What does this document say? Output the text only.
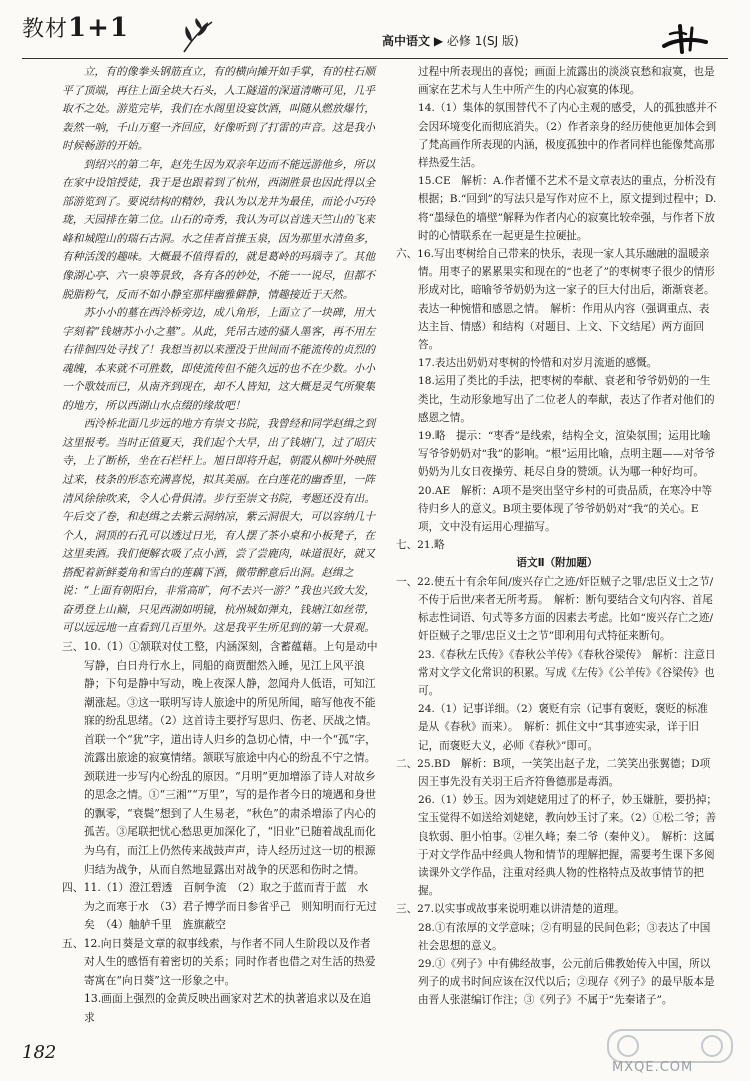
教材1+1	高中语文 ▶ 必修 1(SJ 版)

立，有的像拳头钢筋直立，有的横向摊开如手掌，有的柱石顺平了顶端，再往上面全块大石头，人工隧道的深道清晰可见，几乎取不之处。游览完毕，我们在水阁里设宴饮酒，叫随从燃放爆竹，轰然一响，千山万壑一齐回应，好像听到了打雷的声音。这是我小时候畅游的开始。

到绍兴的第二年，赵先生因为双亲年迈而不能远游他乡，所以在家中设馆授徒，我于是也跟着到了杭州，西湖胜景也因此得以全部游览到了。要说结构的精妙，我认为以龙井为最佳，而论小巧玲珑，天园排在第二位。山石的奇秀，我认为可以首选天竺山的飞来峰和城隍山的瑞石古洞。水之佳者首推玉泉，因为那里水清鱼多，有种活泼的趣味。大概最不值得看的，就是葛岭的玛瑙寺了。其他像湖心亭、六一泉等景致，各有各的妙处，不能一一说尽，但都不脱脂粉气，反而不如小静室那样幽雅僻静，情趣接近于天然。

苏小小的墓在西泠桥旁边，成八角形，上面立了一块碑，用大字刻着“钱塘苏小小之墓”。从此，凭吊古迹的骚人墨客，再不用左右徘徊四处寻找了！我想当初以来湮没于世间而不能流传的贞烈的魂魄，本来就不可胜数，即使流传但不能久远的也不在少数。小小一个歌妓而已，从南齐到现在，却不人皆知，这大概是灵气所聚集的地方，所以西湖山水点缀的缘故吧！

西泠桥北面几步远的地方有崇文书院，我曾经和同学赵缉之到这里报考。当时正值夏天，我们起个大早，出了钱塘门，过了昭庆寺，上了断桥，坐在石栏杆上。旭日即将升起，朝霞从柳叶外映照过来，枝条的形态充满喜悦，拟其美丽。在白莲花的幽香里，一阵清风徐徐吹来，令人心骨俱清。步行至崇文书院，考题还没有出。午后交了卷，和赵缉之去紫云洞纳凉，紫云洞很大，可以容纳几十个人，洞顶的石孔可以透过日光，有人摆了茶小桌和小板凳子，在这里卖酒。我们便解衣吸了点小酒，尝了尝鹿肉，味道很好，就又搭配着新鲜菱角和雪白的莲藕下酒，微带醉意后出洞。赵缉之说：“上面有朝阳台，非常高旷，何不去兴一游？”我也兴致大发，奋勇登上山巅，只见西湖如明镜，杭州城如弹丸，钱塘江如丝带，可以远远地一直看到几百里外。这是我平生所见到的第一大景观。

三、10.（1）①颔联对仗工整，内涵深刻，含蓄蕴藉。上句是动中写静，白日舟行水上，同船的商贾酣然入睡，见江上风平浪静；下句是静中写动，晚上夜深人静，忽闻舟人低语，可知江潮涨起。③这一联明写诗人旅途中的所见所闻，暗写他夜不能寐的纷乱思绪。（2）这首诗主要抒写思归、伤老、厌战之情。首联一个“犹”字，道出诗人归乡的急切心情，中一个“孤”字，流露出旅途的寂寞情绪。颔联写旅途中内心的纷乱不宁之情。颈联进一步写内心纷乱的原因。“月明”更加增添了诗人对故乡的思念之情。①“三湘”“万里”，写的是作者今日的境遇和身世的飘零，“衰鬓”想到了人生易老，“秋色”的肃杀增添了内心的孤苦。③尾联把忧心愁思更加深化了，“旧业”已随着战乱而化为乌有，而江上仍然传来战鼓声声，诗人经历过这一切的根源归结为战争，从而自然地显露出对战争的厌恶和伤时之情。

四、11.（1）澄江碧透　百舸争流　（2）取之于蓝而青于蓝　水为之而寒于水　（3）君子博学而日参省乎己　则知明而行无过矣　（4）舳舻千里　旌旗蔽空

五、12.向日葵是文章的叙事线索，与作者不同人生阶段以及作者对人生的感悟有着密切的关系；同时作者也借之对生活的热爱寄寓在“向日葵”这一形象之中。

13.画面上强烈的金黄反映出画家对艺术的执著追求以及在追求

过程中所表现出的喜悦；画面上流露出的淡淡哀愁和寂寞，也是画家在艺术与人生中所产生的内心寂寞的体现。

14.（1）集体的氛围替代不了内心主观的感受，人的孤独感并不会因环境变化而彻底消失。（2）作者亲身的经历使他更加体会到了梵高画作所表现的内涵，极度孤独中的作者同样也能像梵高那样热爱生活。

15.CE　解析：A.作者懂不艺术不是文章表达的重点，分析没有根据；B.“回到”的写法只是写作对应不上，原文提到过程中；D.将“墨绿色的墙壁”解释为作者内心的寂寞比较牵强，与作者下放时的心情联系在一起更是生拉硬扯。

六、16.写出枣树给自己带来的快乐，表现一家人其乐融融的温暖亲情。用枣子的累累果实和现在的“也老了”的枣树枣子很少的情形形成对比，暗喻爷爷奶奶为这一家子的巨大付出后，渐渐衰老。表达一种惋惜和感恩之情。　解析：作用从内容（强调重点、表达主旨、情感）和结构（对题目、上文、下文结尾）两方面回答。

17.表达出奶奶对枣树的怜惜和对岁月流逝的感慨。

18.运用了类比的手法，把枣树的奉献、衰老和爷爷奶奶的一生类比，生动形象地写出了二位老人的奉献，表达了作者对他们的感恩之情。

19.略　提示：“枣香”是线索，结构全文，渲染氛围；运用比喻写爷爷奶奶对“我”的影响。“根”运用比喻，点明主题——对爷爷奶奶为儿女日夜操劳、耗尽自身的赞颂。认为哪一种好均可。

20.AE　解析：A项不是突出坚守乡村的可贵品质，在寒冷中等待归乡人的意义。B项主要体现了爷爷奶奶对“我”的关心。E项，文中没有运用心理描写。

七、21.略

语文Ⅱ（附加题）

一、22.使五十有余年间/废兴存亡之迹/奸臣贼子之罪/忠臣义士之节/不传于后世/来者无所考焉。　解析：断句要结合文句内容、首尾标志性词语、句式等多方面的因素去考虑。比如“废兴存亡之迹/奸臣贼子之罪/忠臣义士之节”即利用句式特征来断句。

23.《春秋左氏传》《春秋公羊传》《春秋谷梁传》　解析：注意日常对文学文化常识的积累。写成《左传》《公羊传》《谷梁传》也可。

24.（1）记事详细。（2）褒贬有宗（记事有褒贬，褒贬的标准是从《春秋》而来）。　解析：抓住文中“其事迹实录，详于旧记，而褒贬大义，必师《春秋》”即可。

二、25.BD　解析：B项，一笑笑出赵子龙，二笑笑出张翼德；D项因王事先没有关羽王后齐符鲁德那是毒酒。

26.（1）妙玉。因为刘姥姥用过了的杯子，妙玉嫌脏，要扔掉；宝玉觉得不如送给刘姥姥，教向妙玉讨了来。（2）①松二爷；善良软弱、胆小怕事。②崔久峰；秦二爷（秦仲义）。　解析：这属于对文学作品中经典人物和情节的理解把握，需要考生课下多阅读课外文学作品，注重对经典人物的性格特点及故事情节的把握。

三、27.以实事或故事来说明难以讲清楚的道理。

28.①有浓厚的文学意味；②有明显的民间色彩；③表达了中国社会思想的意义。

29.①《列子》中有佛经故事，公元前后佛教始传入中国，所以列子的成书时间应该在汉代以后；②现存《列子》的最早版本是由晋人张湛编订作注；③《列子》不属于“先秦诸子”。

182
MXQE.COM
